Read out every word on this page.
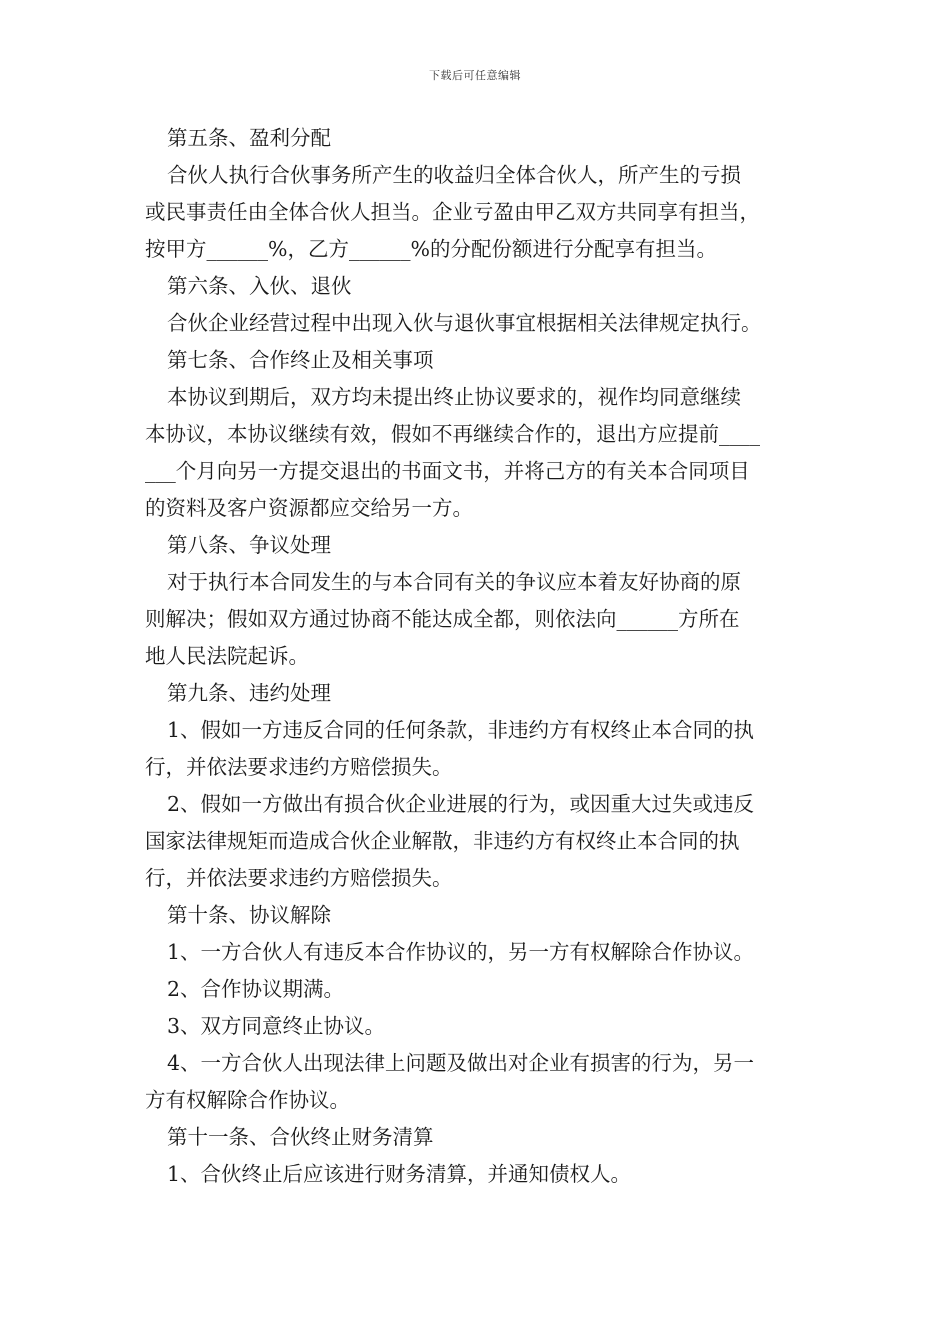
下载后可任意编辑
第五条、盈利分配
合伙人执行合伙事务所产生的收益归全体合伙人，所产生的亏损
或民事责任由全体合伙人担当。企业亏盈由甲乙双方共同享有担当，
按甲方______%，乙方______%的分配份额进行分配享有担当。
第六条、入伙、退伙
合伙企业经营过程中出现入伙与退伙事宜根据相关法律规定执行。
第七条、合作终止及相关事项
本协议到期后，双方均未提出终止协议要求的，视作均同意继续
本协议，本协议继续有效，假如不再继续合作的，退出方应提前____
___个月向另一方提交退出的书面文书，并将己方的有关本合同项目
的资料及客户资源都应交给另一方。
第八条、争议处理
对于执行本合同发生的与本合同有关的争议应本着友好协商的原
则解决；假如双方通过协商不能达成全都，则依法向______方所在
地人民法院起诉。
第九条、违约处理
1、假如一方违反合同的任何条款，非违约方有权终止本合同的执
行，并依法要求违约方赔偿损失。
2、假如一方做出有损合伙企业进展的行为，或因重大过失或违反
国家法律规矩而造成合伙企业解散，非违约方有权终止本合同的执
行，并依法要求违约方赔偿损失。
第十条、协议解除
1、一方合伙人有违反本合作协议的，另一方有权解除合作协议。
2、合作协议期满。
3、双方同意终止协议。
4、一方合伙人出现法律上问题及做出对企业有损害的行为，另一
方有权解除合作协议。
第十一条、合伙终止财务清算
1、合伙终止后应该进行财务清算，并通知债权人。
